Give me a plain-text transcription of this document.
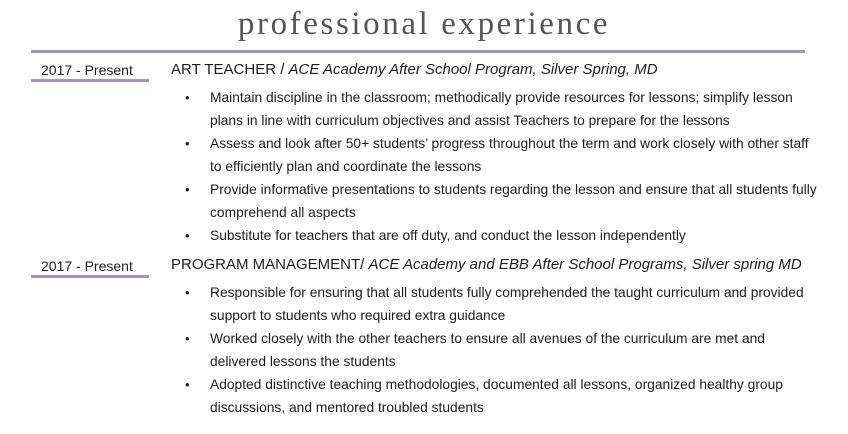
professional experience
2017 - Present	ART TEACHER / ACE Academy After School Program, Silver Spring, MD
• Maintain discipline in the classroom; methodically provide resources for lessons; simplify lesson plans in line with curriculum objectives and assist Teachers to prepare for the lessons
• Assess and look after 50+ students’ progress throughout the term and work closely with other staff to efficiently plan and coordinate the lessons
• Provide informative presentations to students regarding the lesson and ensure that all students fully comprehend all aspects
• Substitute for teachers that are off duty, and conduct the lesson independently
2017 - Present	PROGRAM MANAGEMENT/ ACE Academy and EBB After School Programs, Silver spring MD
• Responsible for ensuring that all students fully comprehended the taught curriculum and provided support to students who required extra guidance
• Worked closely with the other teachers to ensure all avenues of the curriculum are met and delivered lessons the students
• Adopted distinctive teaching methodologies, documented all lessons, organized healthy group discussions, and mentored troubled students
